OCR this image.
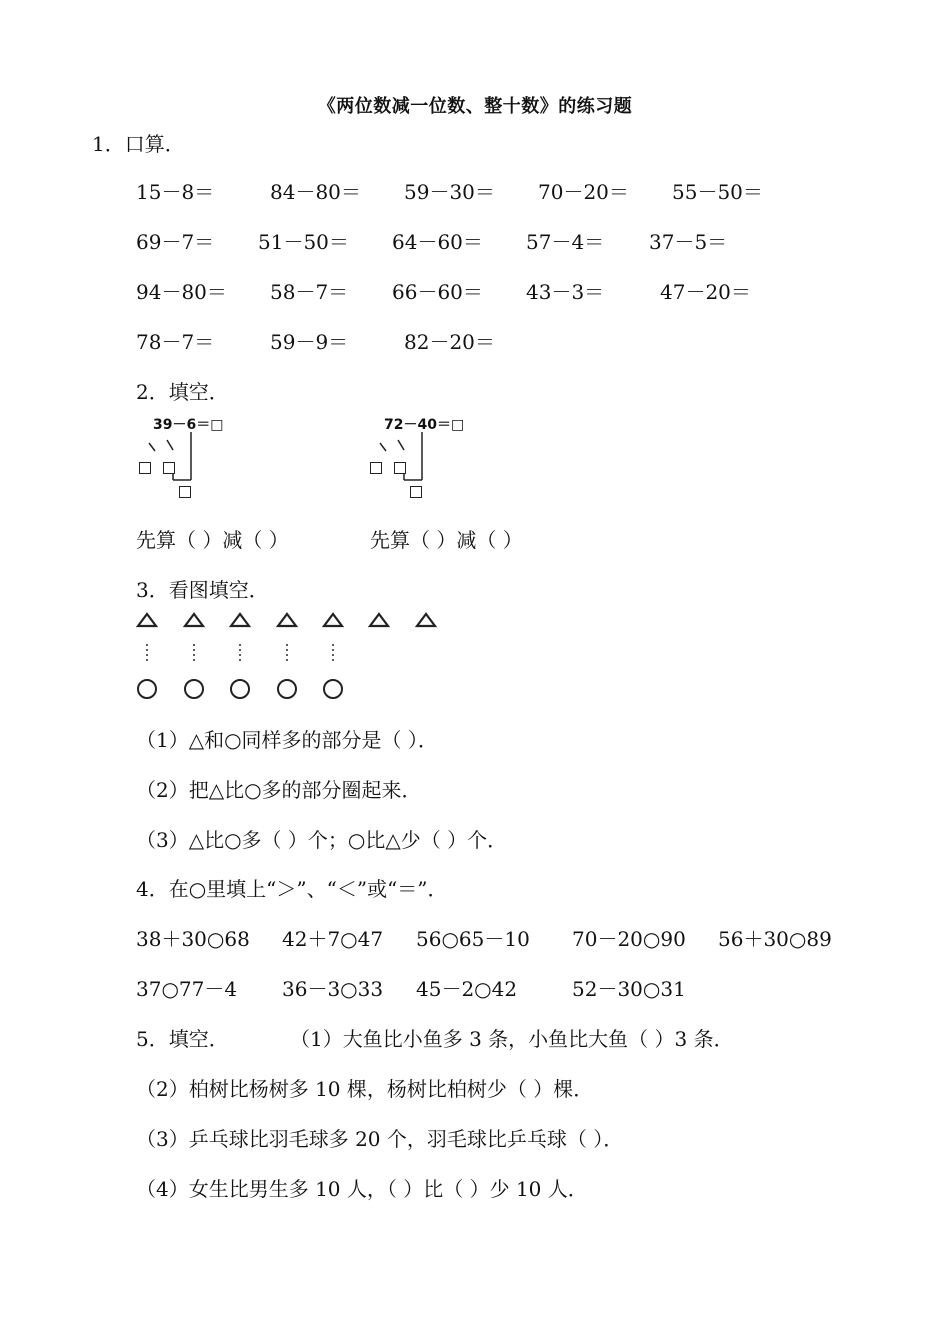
《两位数减一位数、整十数》的练习题
1．口算．
15－8＝	84－80＝ 59－30＝ 70－20＝ 55－50＝
69－7＝ 51－50＝ 64－60＝ 57－4＝ 37－5＝
94－80＝ 58－7＝ 66－60＝ 43－3＝	47－20＝
78－7＝	59－9＝	82－20＝
2．填空．
39－6＝□	72－40＝□
先算（ ）减（ ）	先算（ ）减（ ）
3．看图填空．
（1）△和○同样多的部分是（ ）．
（2）把△比○多的部分圈起来．
（3）△比○多（ ）个；○比△少（ ）个．
4．在○里填上“＞”、“＜”或“＝”．
38＋30○68 42＋7○47 56○65－10 70－20○90 56＋30○89
37○77－4 36－3○33 45－2○42	52－30○31
5．填空．	（1）大鱼比小鱼多 3 条，小鱼比大鱼（ ）3 条．
（2）柏树比杨树多 10 棵，杨树比柏树少（ ）棵．
（3）乒乓球比羽毛球多 20 个，羽毛球比乒乓球（ ）．
（4）女生比男生多 10 人，（ ）比（ ）少 10 人．
